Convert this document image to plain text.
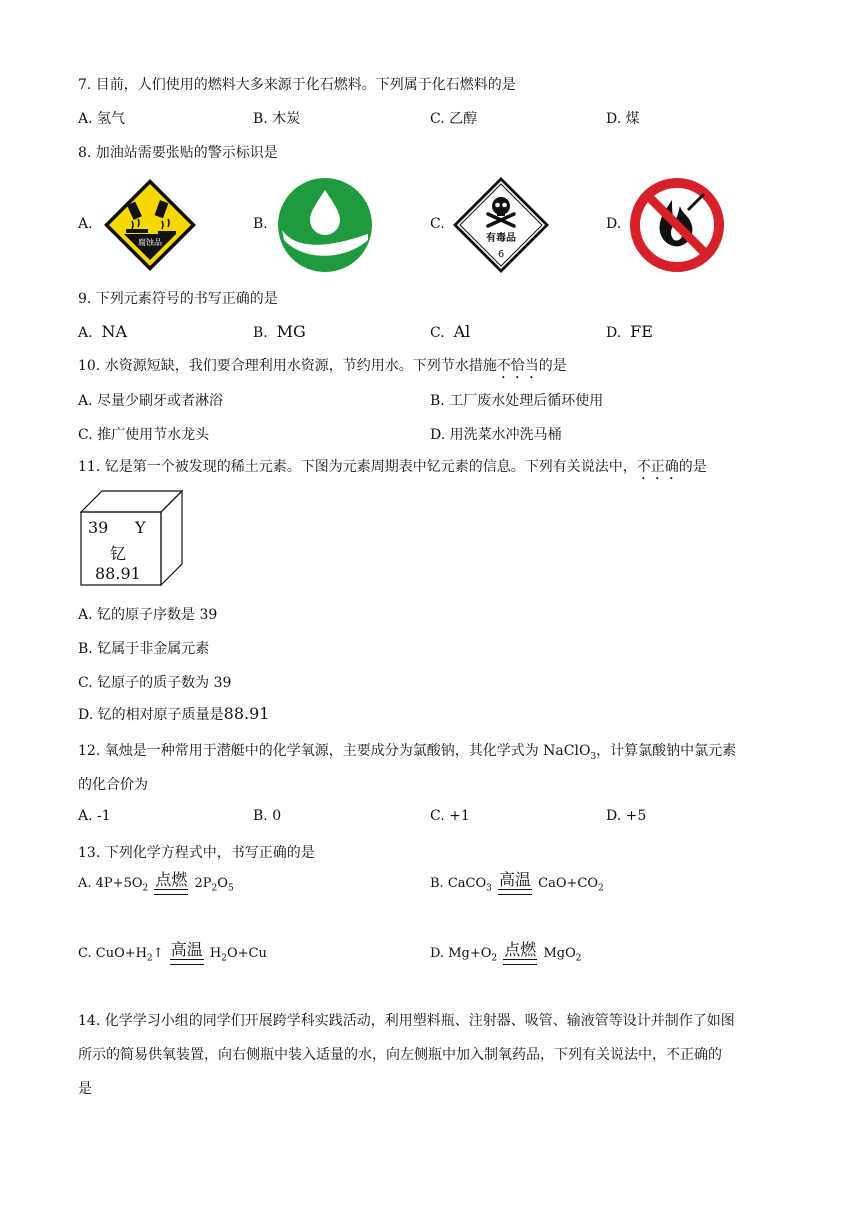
7. 目前，人们使用的燃料大多来源于化石燃料。下列属于化石燃料的是
A. 氢气	B. 木炭	C. 乙醇	D. 煤
8. 加油站需要张贴的警示标识是
A.	B.	C.	D.
腐蚀品	有毒品
6
9. 下列元素符号的书写正确的是
A. NA	B. MG	C. Al	D. FE
10. 水资源短缺，我们要合理利用水资源，节约用水。下列节水措施不恰当的是
A. 尽量少刷牙或者淋浴	B. 工厂废水处理后循环使用
C. 推广使用节水龙头	D. 用洗菜水冲洗马桶
11. 钇是第一个被发现的稀土元素。下图为元素周期表中钇元素的信息。下列有关说法中，不正确的是
39 Y
钇
88.91
A. 钇的原子序数是 39
B. 钇属于非金属元素
C. 钇原子的质子数为 39
D. 钇的相对原子质量是88.91
12. 氧烛是一种常用于潜艇中的化学氧源，主要成分为氯酸钠，其化学式为 NaClO$_3$，计算氯酸钠中氯元素
的化合价为
A. -1	B. 0	C. +1	D. +5
13. 下列化学方程式中，书写正确的是
A. $4P+5O_2$ 点燃 $2P_2O_5$	B. CaCO$_3$ 高温 $CaO+CO_2$
C. $CuO+H_2↑$ 高温 $H_2O+Cu$	D. $Mg+O_2$ 点燃 MgO$_2$
14. 化学学习小组的同学们开展跨学科实践活动，利用塑料瓶、注射器、吸管、输液管等设计并制作了如图
所示的简易供氧装置，向右侧瓶中装入适量的水，向左侧瓶中加入制氧药品，下列有关说法中，不正确的
是
